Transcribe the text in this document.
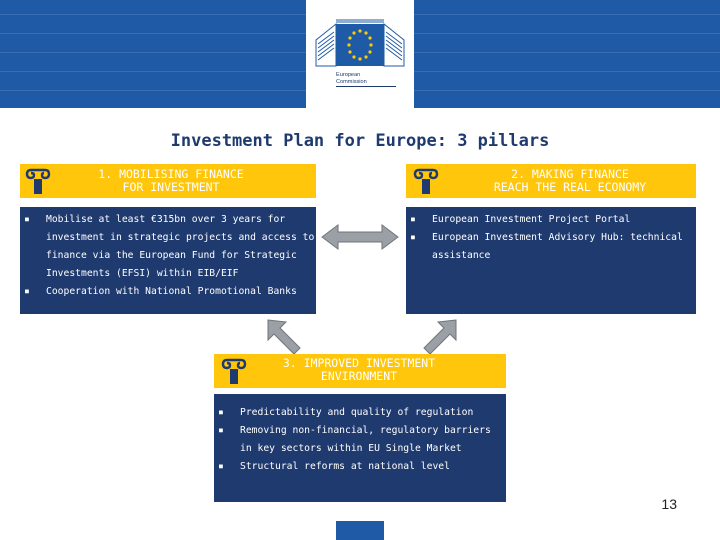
European
Commission
Investment Plan for Europe: 3 pillars
1. MOBILISING FINANCE
FOR INVESTMENT
2. MAKING FINANCE
REACH THE REAL ECONOMY
▪	Mobilise at least €315bn over 3 years for
investment in strategic projects and access to
finance via the European Fund for Strategic
Investments (EFSI) within EIB/EIF
▪	Cooperation with National Promotional Banks
▪	European Investment Project Portal
▪	European Investment Advisory Hub: technical
assistance
3. IMPROVED INVESTMENT
ENVIRONMENT
▪	Predictability and quality of regulation
▪	Removing non-financial, regulatory barriers
in key sectors within EU Single Market
▪	Structural reforms at national level
13
